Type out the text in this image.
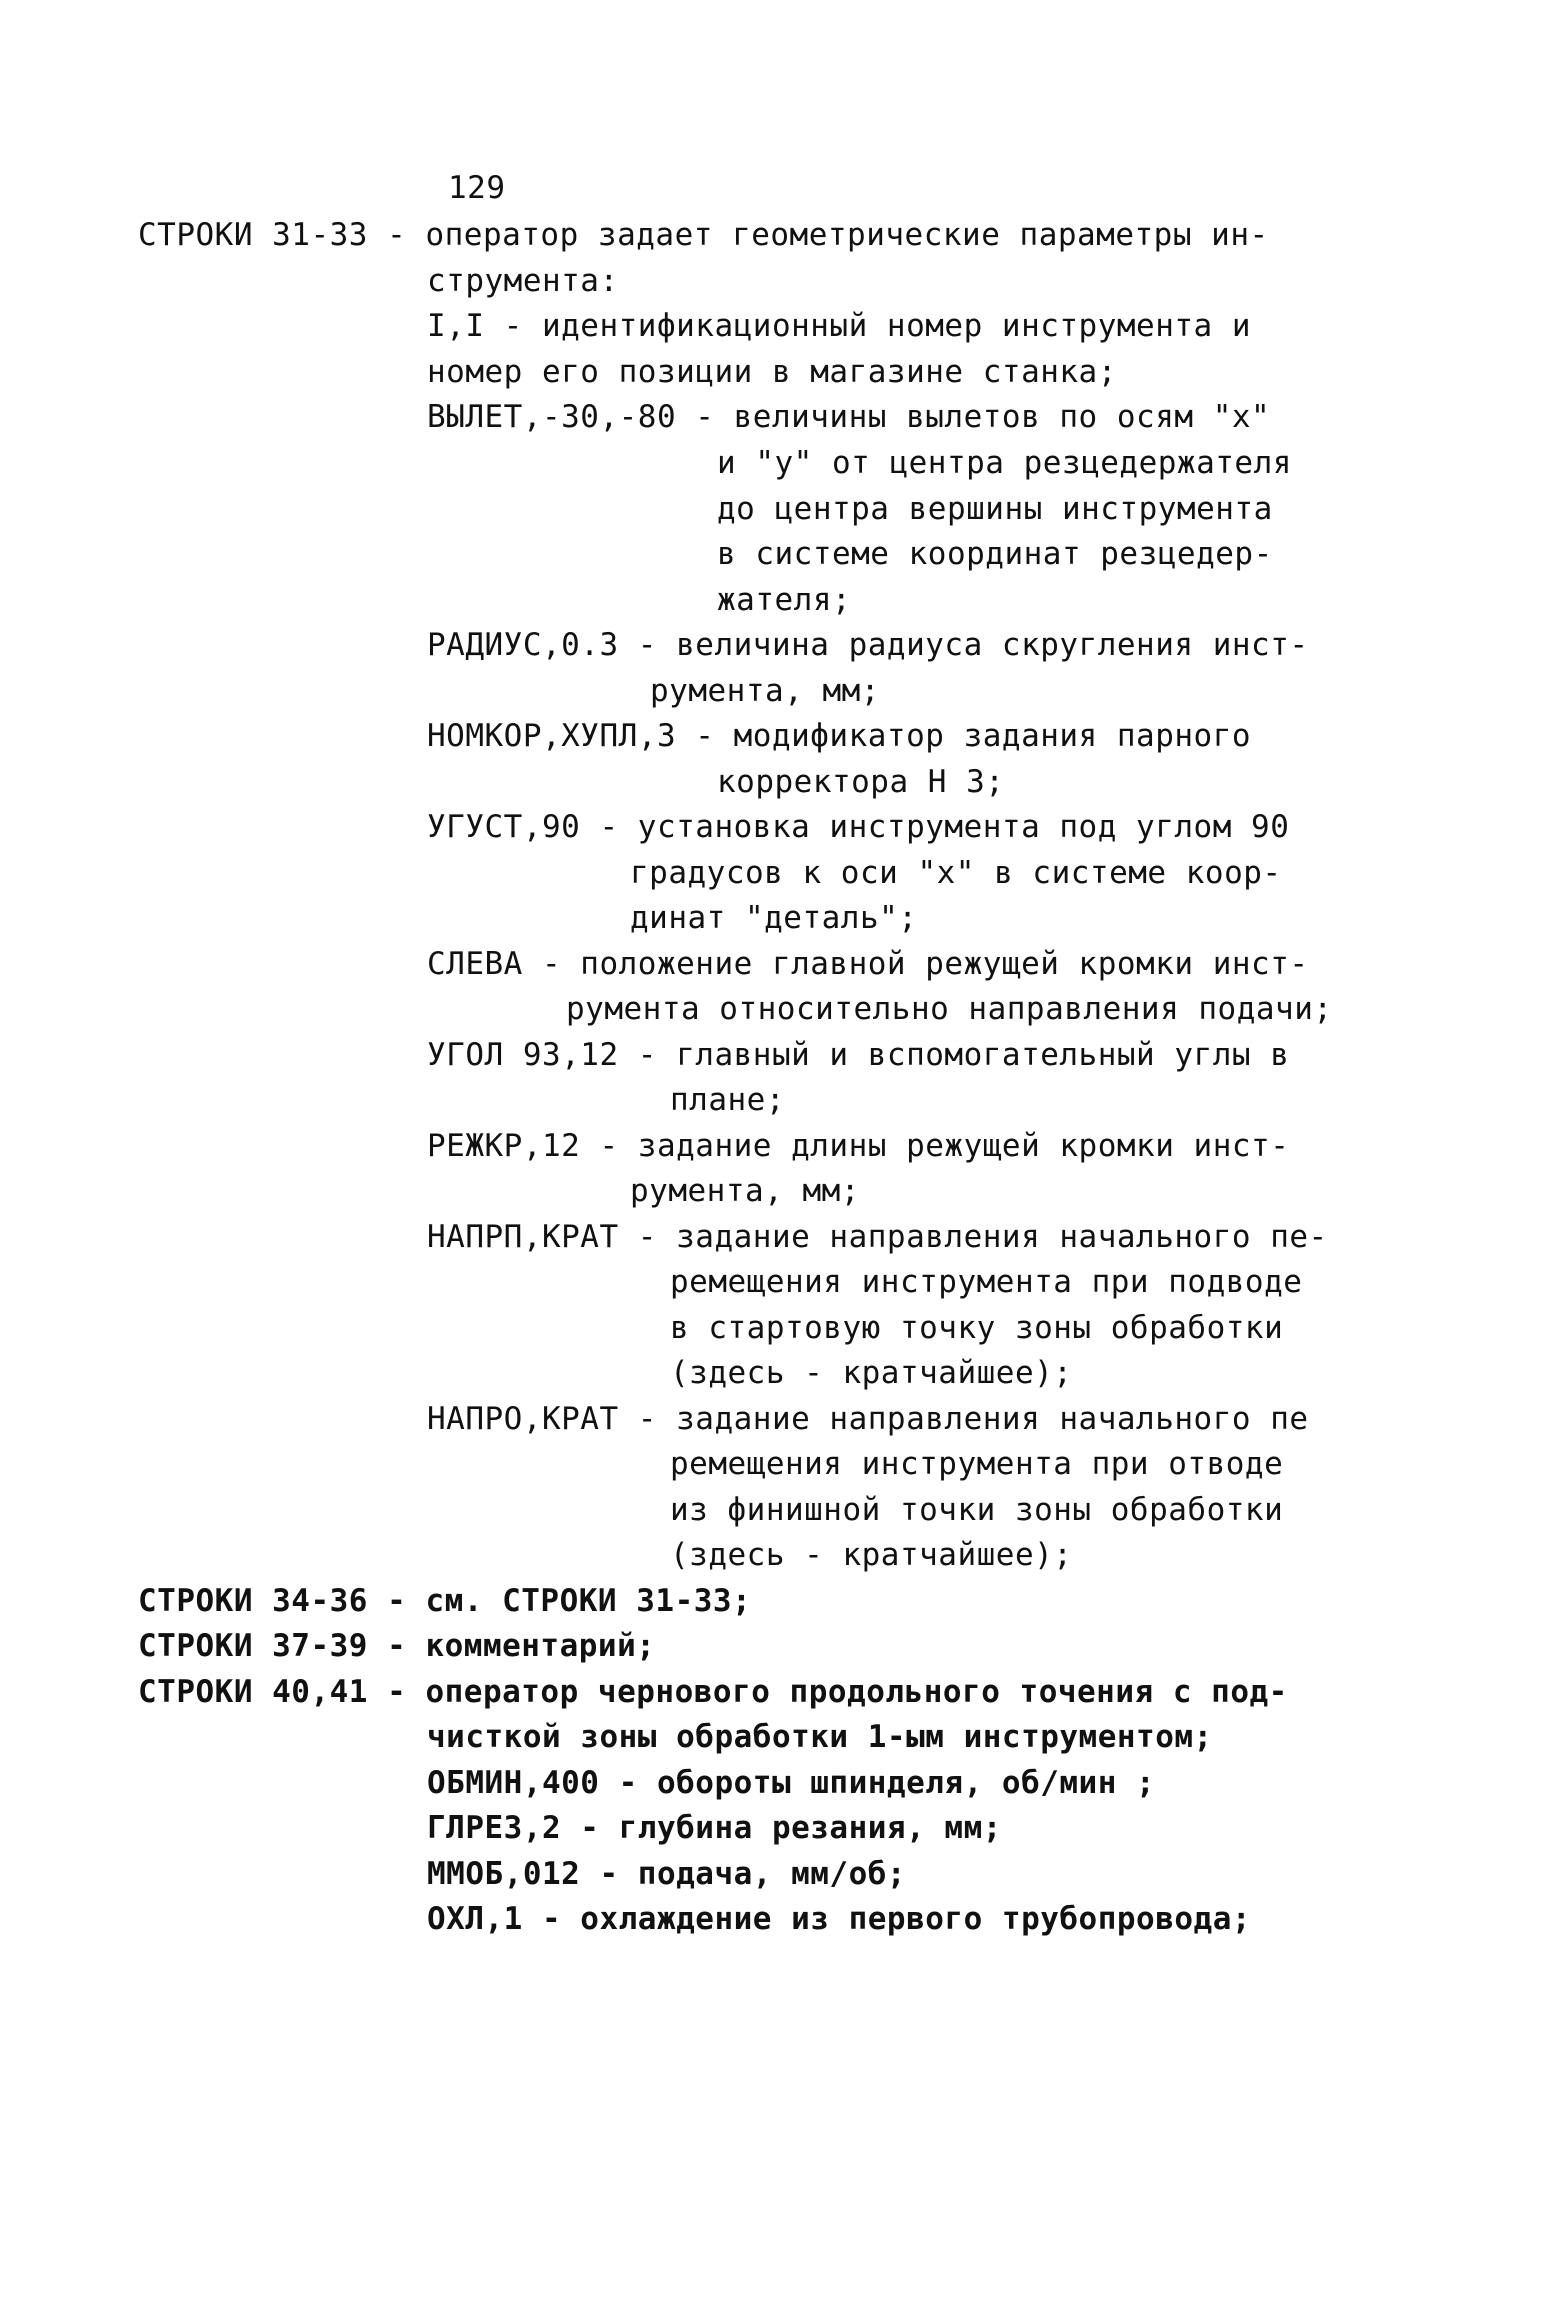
129
СТРОКИ 31-33 - оператор задает геометрические параметры ин-
струмента:
I,I - идентификационный номер инструмента и
номер его позиции в магазине станка;
ВЫЛЕТ,-30,-80 - величины вылетов по осям "х"
и "у" от центра резцедержателя
до центра вершины инструмента
в системе координат резцедер-
жателя;
РАДИУС,0.3 - величина радиуса скругления инст-
румента, мм;
НОМКОР,ХУПЛ,3 - модификатор задания парного
корректора Н 3;
УГУСТ,90 - установка инструмента под углом 90
градусов к оси "х" в системе коор-
динат "деталь";
СЛЕВА - положение главной режущей кромки инст-
румента относительно направления подачи;
УГОЛ 93,12 - главный и вспомогательный углы в
плане;
РЕЖКР,12 - задание длины режущей кромки инст-
румента, мм;
НАПРП,КРАТ - задание направления начального пе-
ремещения инструмента при подводе
в стартовую точку зоны обработки
(здесь - кратчайшее);
НАПРО,КРАТ - задание направления начального пе
ремещения инструмента при отводе
из финишной точки зоны обработки
(здесь - кратчайшее);
СТРОКИ 34-36 - см. СТРОКИ 31-33;
СТРОКИ 37-39 - комментарий;
СТРОКИ 40,41 - оператор чернового продольного точения с под-
чисткой зоны обработки 1-ым инструментом;
ОБМИН,400 - обороты шпинделя, об/мин ;
ГЛРЕЗ,2 - глубина резания, мм;
ММОБ,012 - подача, мм/об;
ОХЛ,1 - охлаждение из первого трубопровода;
